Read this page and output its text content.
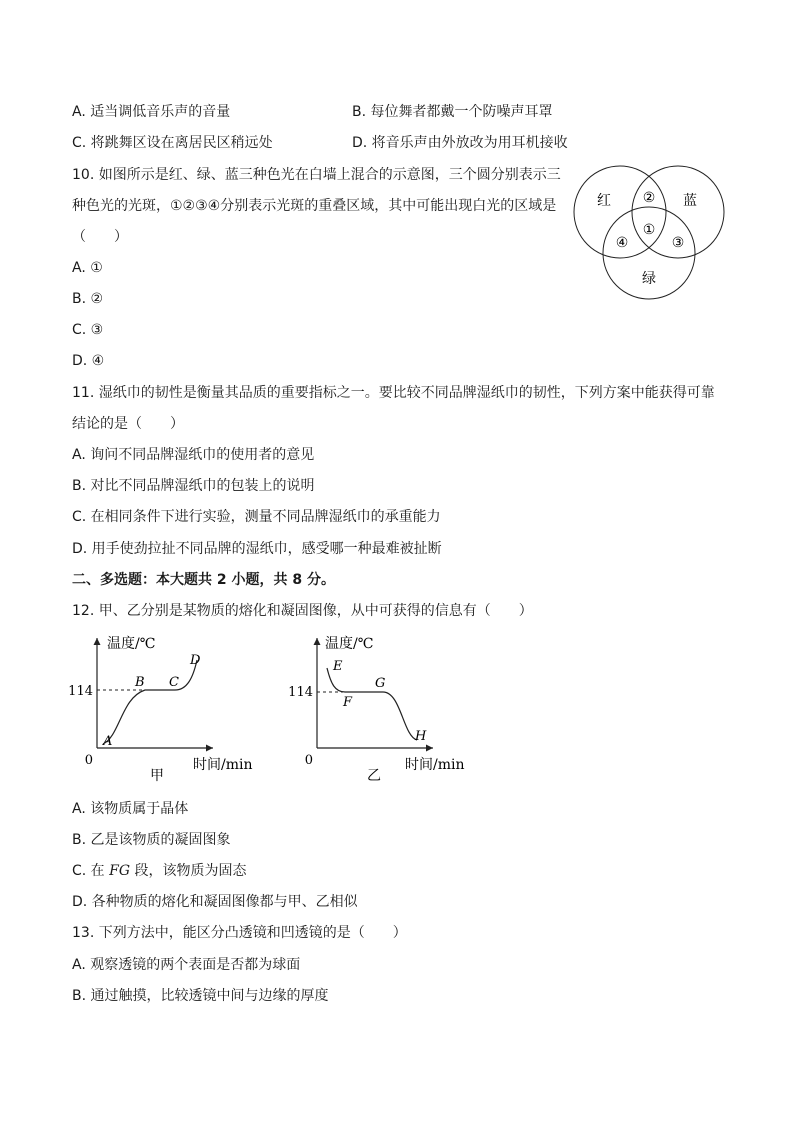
A. 适当调低音乐声的音量	B. 每位舞者都戴一个防噪声耳罩
C. 将跳舞区设在离居民区稍远处	D. 将音乐声由外放改为用耳机接收
10. 如图所示是红、绿、蓝三种色光在白墙上混合的示意图，三个圆分别表示三
种色光的光斑，①②③④分别表示光斑的重叠区域，其中可能出现白光的区域是
（　　）
A. ①
B. ②
C. ③
D. ④
红	蓝
绿
②
①
④	③
11. 湿纸巾的韧性是衡量其品质的重要指标之一。要比较不同品牌湿纸巾的韧性，下列方案中能获得可靠
结论的是（　　）
A. 询问不同品牌湿纸巾的使用者的意见
B. 对比不同品牌湿纸巾的包装上的说明
C. 在相同条件下进行实验，测量不同品牌湿纸巾的承重能力
D. 用手使劲拉扯不同品牌的湿纸巾，感受哪一种最难被扯断
二、多选题：本大题共 2 小题，共 8 分。
12. 甲、乙分别是某物质的熔化和凝固图像，从中可获得的信息有（　　）
温度/℃
时间/min
0
114
A
B C
D
甲
温度/℃
时间/min
0
114
E
F
G
H
乙
A. 该物质属于晶体
B. 乙是该物质的凝固图象
C. 在 FG 段，该物质为固态
D. 各种物质的熔化和凝固图像都与甲、乙相似
13. 下列方法中，能区分凸透镜和凹透镜的是（　　）
A. 观察透镜的两个表面是否都为球面
B. 通过触摸，比较透镜中间与边缘的厚度
